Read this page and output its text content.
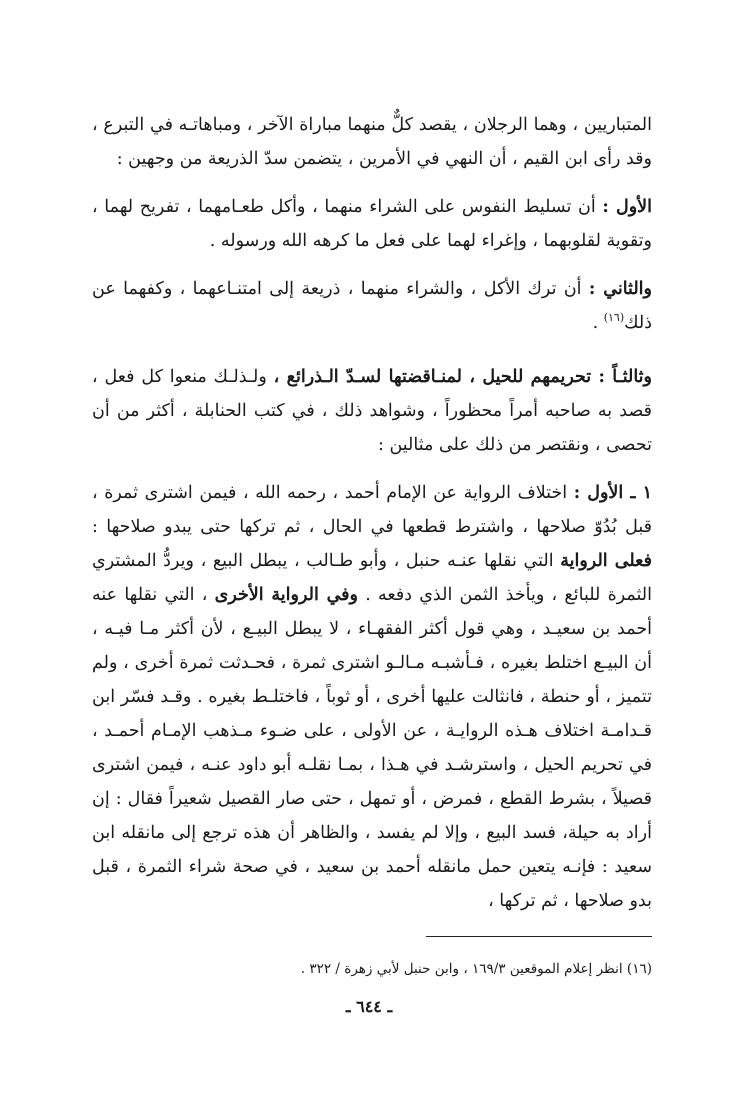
المتباريين ، وهما الرجلان ، يقصد كلٌّ منهما مباراة الآخر ، ومباهاتـه في التبرع ، وقد رأى ابن القيم ، أن النهي في الأمرين ، يتضمن سدّ الذريعة من وجهين :

الأول : أن تسليط النفوس على الشراء منهما ، وأكل طعـامهما ، تفريح لهما ، وتقوية لقلوبهما ، وإغراء لهما على فعل ما كرهه الله ورسوله .

والثاني : أن ترك الأكل ، والشراء منهما ، ذريعة إلى امتنـاعهما ، وكفهما عن ذلك$^{(١٦)}$ .

وثالثـاً : تحريمهم للحيل ، لمنـاقضتها لسـدّ الـذرائع ، ولـذلـك منعوا كل فعل ، قصد به صاحبه أمراً محظوراً ، وشواهد ذلك ، في كتب الحنابلة ، أكثر من أن تحصى ، ونقتصر من ذلك على مثالين :

١ ـ الأول : اختلاف الرواية عن الإمام أحمد ، رحمه الله ، فيمن اشترى ثمرة ، قبل بُدُوّ صلاحها ، واشترط قطعها في الحال ، ثم تركها حتى يبدو صلاحها : فعلى الرواية التي نقلها عنـه حنبل ، وأبو طـالب ، يبطل البيع ، ويردُّ المشتري الثمرة للبائع ، ويأخذ الثمن الذي دفعه . وفي الرواية الأخرى ، التي نقلها عنه أحمد بن سعيـد ، وهي قول أكثر الفقهـاء ، لا يبطل البيـع ، لأن أكثر مـا فيـه ، أن البيـع اختلط بغيره ، فـأشبـه مـالـو اشترى ثمرة ، فحـدثت ثمرة أخرى ، ولم تتميز ، أو حنطة ، فانثالت عليها أخرى ، أو ثوباً ، فاختلـط بغيره . وقـد فسّر ابن قـدامـة اختلاف هـذه الروايـة ، عن الأولى ، على ضـوء مـذهب الإمـام أحمـد ، في تحريم الحيل ، واسترشـد في هـذا ، بمـا نقلـه أبو داود عنـه ، فيمن اشترى قصيلاً ، بشرط القطع ، فمرض ، أو تمهل ، حتى صار القصيل شعيراً فقال : إن أراد به حيلة، فسد البيع ، وإلا لم يفسد ، والظاهر أن هذه ترجع إلى مانقله ابن سعيد : فإنـه يتعين حمل مانقله أحمد بن سعيد ، في صحة شراء الثمرة ، قبل بدو صلاحها ، ثم تركها ،

(١٦) انظر إعلام الموقعين ١٦٩/٣ ، وابن حنبل لأبي زهرة / ٣٢٢ .
ـ ٦٤٤ ـ
